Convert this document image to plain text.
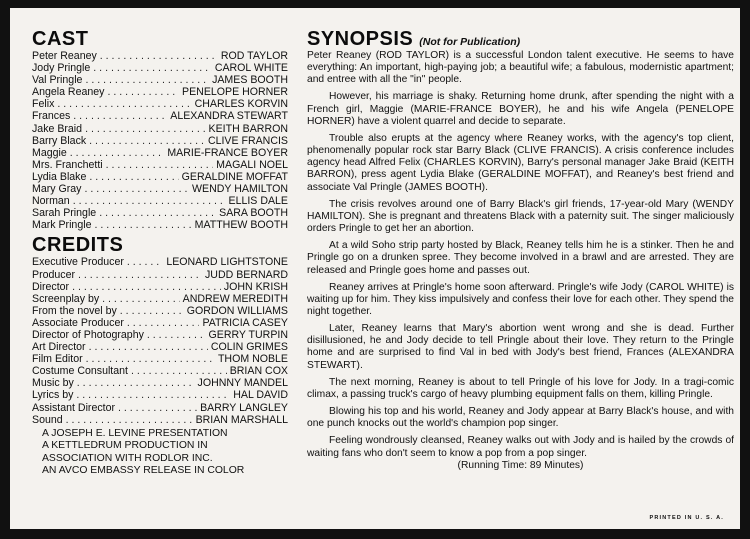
CAST
Peter Reaney . . .	ROD TAYLOR
Jody Pringle . . .	CAROL WHITE
Val Pringle . . .	JAMES BOOTH
Angela Reaney . . .	PENELOPE HORNER
Felix . . .	CHARLES KORVIN
Frances . . .	ALEXANDRA STEWART
Jake Braid . . .	KEITH BARRON
Barry Black . . .	CLIVE FRANCIS
Maggie . . .	MARIE-FRANCE BOYER
Mrs. Franchetti . . .	MAGALI NOEL
Lydia Blake . . .	GERALDINE MOFFAT
Mary Gray . . .	WENDY HAMILTON
Norman . . .	ELLIS DALE
Sarah Pringle . . .	SARA BOOTH
Mark Pringle . . .	MATTHEW BOOTH
CREDITS
Executive Producer . . .	LEONARD LIGHTSTONE
Producer . . .	JUDD BERNARD
Director . . .	JOHN KRISH
Screenplay by . . .	ANDREW MEREDITH
From the novel by . . .	GORDON WILLIAMS
Associate Producer . . .	PATRICIA CASEY
Director of Photography . . .	GERRY TURPIN
Art Director . . .	COLIN GRIMES
Film Editor . . .	THOM NOBLE
Costume Consultant . . .	BRIAN COX
Music by . . .	JOHNNY MANDEL
Lyrics by . . .	HAL DAVID
Assistant Director . . .	BARRY LANGLEY
Sound . . .	BRIAN MARSHALL
A JOSEPH E. LEVINE PRESENTATION
A KETTLEDRUM PRODUCTION IN
ASSOCIATION WITH RODLOR INC.
AN AVCO EMBASSY RELEASE IN COLOR
SYNOPSIS (Not for Publication)

Peter Reaney (ROD TAYLOR) is a successful London talent executive. He seems to have everything: An important, high-paying job; a beautiful wife; a fabulous, modernistic apartment; and entree with all the "in" people.

However, his marriage is shaky. Returning home drunk, after spending the night with a French girl, Maggie (MARIE-FRANCE BOYER), he and his wife Angela (PENELOPE HORNER) have a violent quarrel and decide to separate.

Trouble also erupts at the agency where Reaney works, with the agency's top client, phenomenally popular rock star Barry Black (CLIVE FRANCIS). A crisis conference includes agency head Alfred Felix (CHARLES KORVIN), Barry's personal manager Jake Braid (KEITH BARRON), press agent Lydia Blake (GERALDINE MOFFAT), and Reaney's best friend and associate Val Pringle (JAMES BOOTH).

The crisis revolves around one of Barry Black's girl friends, 17-year-old Mary (WENDY HAMILTON). She is pregnant and threatens Black with a paternity suit. The singer maliciously orders Pringle to get her an abortion.

At a wild Soho strip party hosted by Black, Reaney tells him he is a stinker. Then he and Pringle go on a drunken spree. They become involved in a brawl and are arrested. They are released and Pringle goes home and passes out.

Reaney arrives at Pringle's home soon afterward. Pringle's wife Jody (CAROL WHITE) is waiting up for him. They kiss impulsively and confess their love for each other. They spend the night together.

Later, Reaney learns that Mary's abortion went wrong and she is dead. Further disillusioned, he and Jody decide to tell Pringle about their love. They return to the Pringle home and are surprised to find Val in bed with Jody's best friend, Frances (ALEXANDRA STEWART).

The next morning, Reaney is about to tell Pringle of his love for Jody. In a tragi-comic climax, a passing truck's cargo of heavy plumbing equipment falls on them, killing Pringle.

Blowing his top and his world, Reaney and Jody appear at Barry Black's house, and with one punch knocks out the world's champion pop singer.

Feeling wondrously cleansed, Reaney walks out with Jody and is hailed by the crowds of waiting fans who don't seem to know a pop from a pop singer.

(Running Time: 89 Minutes)
PRINTED IN U. S. A.
